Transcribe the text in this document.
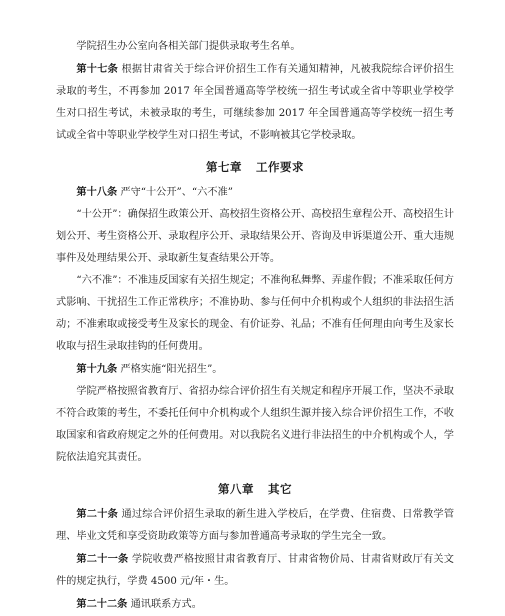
学院招生办公室向各相关部门提供录取考生名单。

第十七条 根据甘肃省关于综合评价招生工作有关通知精神，凡被我院综合评价招生录取的考生，不再参加 2017 年全国普通高等学校统一招生考试或全省中等职业学校学生对口招生考试，未被录取的考生，可继续参加 2017 年全国普通高等学校统一招生考试或全省中等职业学校学生对口招生考试，不影响被其它学校录取。

第七章 工作要求

第十八条 严守“十公开”、“六不准”

“十公开”：确保招生政策公开、高校招生资格公开、高校招生章程公开、高校招生计划公开、考生资格公开、录取程序公开、录取结果公开、咨询及申诉渠道公开、重大违规事件及处理结果公开、录取新生复查结果公开等。

“六不准”：不准违反国家有关招生规定；不准徇私舞弊、弄虚作假；不准采取任何方式影响、干扰招生工作正常秩序；不准协助、参与任何中介机构或个人组织的非法招生活动；不准索取或接受考生及家长的现金、有价证券、礼品；不准有任何理由向考生及家长收取与招生录取挂钩的任何费用。

第十九条 严格实施“阳光招生”。

学院严格按照省教育厅、省招办综合评价招生有关规定和程序开展工作，坚决不录取不符合政策的考生，不委托任何中介机构或个人组织生源并接入综合评价招生工作，不收取国家和省政府规定之外的任何费用。对以我院名义进行非法招生的中介机构或个人，学院依法追究其责任。

第八章 其它

第二十条 通过综合评价招生录取的新生进入学校后，在学费、住宿费、日常教学管理、毕业文凭和享受资助政策等方面与参加普通高考录取的学生完全一致。

第二十一条 学院收费严格按照甘肃省教育厅、甘肃省物价局、甘肃省财政厅有关文件的规定执行，学费 4500 元/年・生。

第二十二条 通讯联系方式。
